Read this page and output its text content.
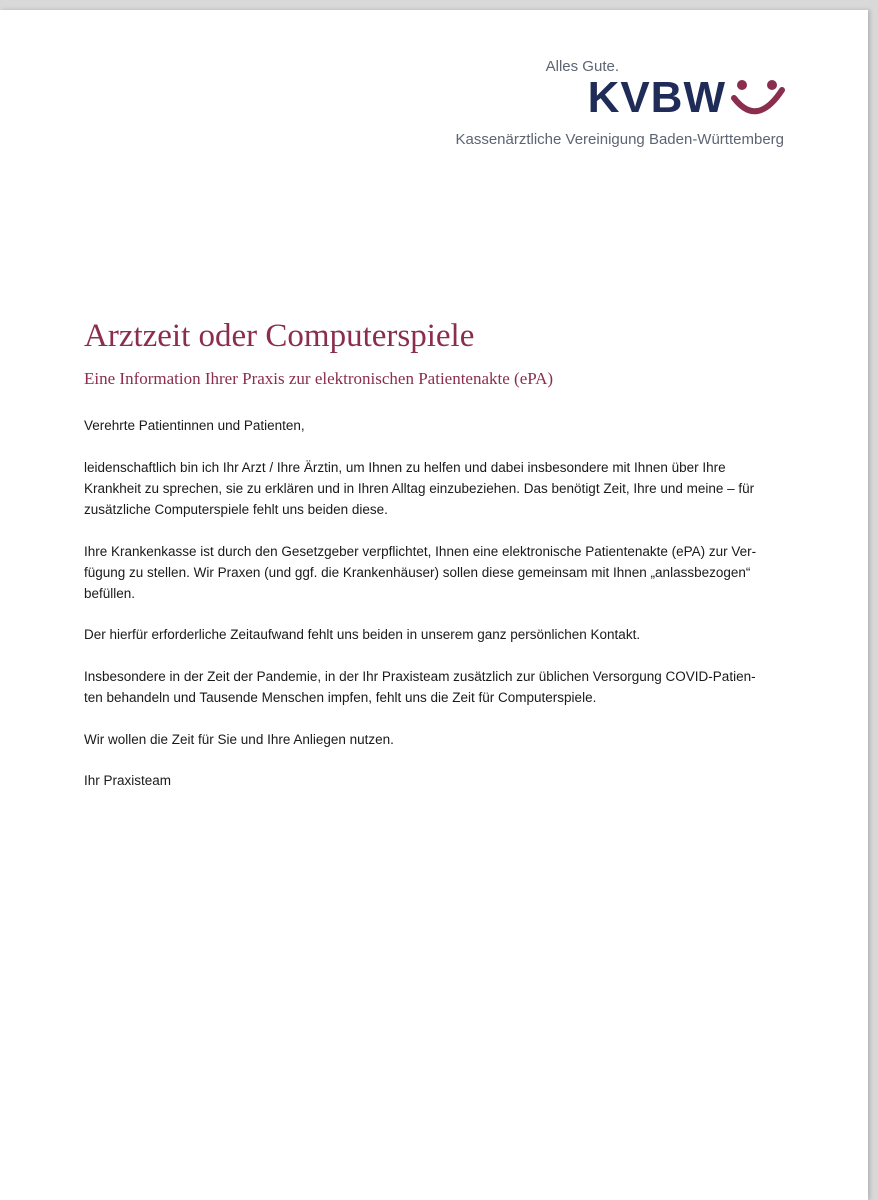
Alles Gute.
KVBW
Kassenärztliche Vereinigung Baden-Württemberg
Arztzeit oder Computerspiele
Eine Information Ihrer Praxis zur elektronischen Patientenakte (ePA)

Verehrte Patientinnen und Patienten,

leidenschaftlich bin ich Ihr Arzt / Ihre Ärztin, um Ihnen zu helfen und dabei insbesondere mit Ihnen über Ihre

Krankheit zu sprechen, sie zu erklären und in Ihren Alltag einzubeziehen. Das benötigt Zeit, Ihre und meine – für

zusätzliche Computerspiele fehlt uns beiden diese.

Ihre Krankenkasse ist durch den Gesetzgeber verpflichtet, Ihnen eine elektronische Patientenakte (ePA) zur Ver-

fügung zu stellen. Wir Praxen (und ggf. die Krankenhäuser) sollen diese gemeinsam mit Ihnen „anlassbezogen“

befüllen.

Der hierfür erforderliche Zeitaufwand fehlt uns beiden in unserem ganz persönlichen Kontakt.

Insbesondere in der Zeit der Pandemie, in der Ihr Praxisteam zusätzlich zur üblichen Versorgung COVID-Patien-

ten behandeln und Tausende Menschen impfen, fehlt uns die Zeit für Computerspiele.

Wir wollen die Zeit für Sie und Ihre Anliegen nutzen.

Ihr Praxisteam
